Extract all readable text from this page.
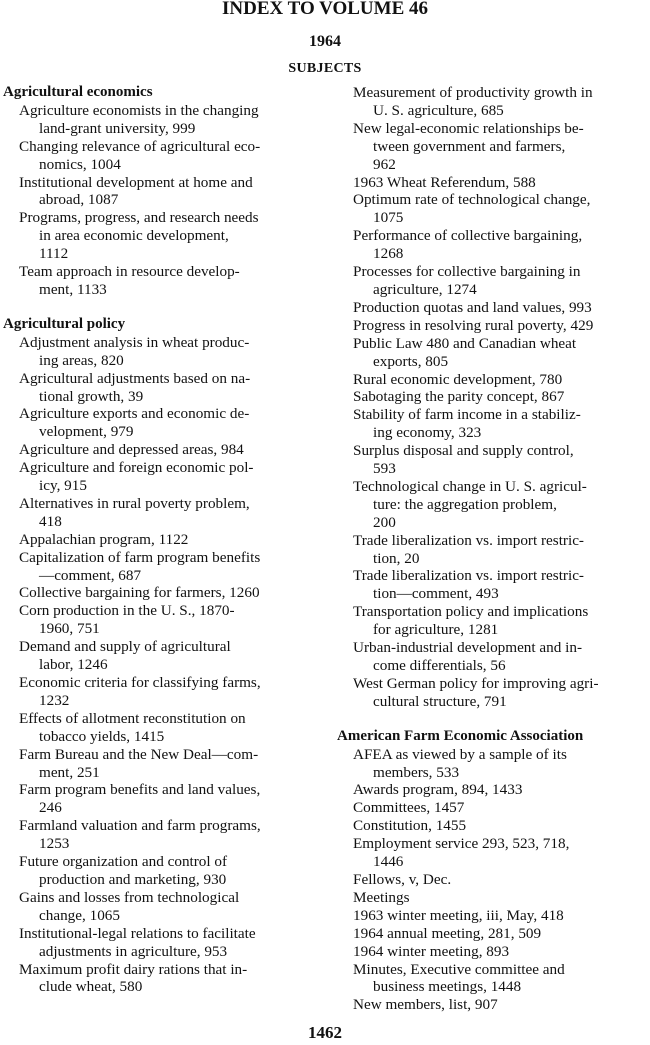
INDEX TO VOLUME 46
1964
SUBJECTS
Agricultural economics
Agriculture economists in the changing
land-grant university, 999
Changing relevance of agricultural eco-
nomics, 1004
Institutional development at home and
abroad, 1087
Programs, progress, and research needs
in area economic development,
1112
Team approach in resource develop-
ment, 1133
Agricultural policy
Adjustment analysis in wheat produc-
ing areas, 820
Agricultural adjustments based on na-
tional growth, 39
Agriculture exports and economic de-
velopment, 979
Agriculture and depressed areas, 984
Agriculture and foreign economic pol-
icy, 915
Alternatives in rural poverty problem,
418
Appalachian program, 1122
Capitalization of farm program benefits
—comment, 687
Collective bargaining for farmers, 1260
Corn production in the U. S., 1870-
1960, 751
Demand and supply of agricultural
labor, 1246
Economic criteria for classifying farms,
1232
Effects of allotment reconstitution on
tobacco yields, 1415
Farm Bureau and the New Deal—com-
ment, 251
Farm program benefits and land values,
246
Farmland valuation and farm programs,
1253
Future organization and control of
production and marketing, 930
Gains and losses from technological
change, 1065
Institutional-legal relations to facilitate
adjustments in agriculture, 953
Maximum profit dairy rations that in-
clude wheat, 580
Measurement of productivity growth in
U. S. agriculture, 685
New legal-economic relationships be-
tween government and farmers,
962
1963 Wheat Referendum, 588
Optimum rate of technological change,
1075
Performance of collective bargaining,
1268
Processes for collective bargaining in
agriculture, 1274
Production quotas and land values, 993
Progress in resolving rural poverty, 429
Public Law 480 and Canadian wheat
exports, 805
Rural economic development, 780
Sabotaging the parity concept, 867
Stability of farm income in a stabiliz-
ing economy, 323
Surplus disposal and supply control,
593
Technological change in U. S. agricul-
ture: the aggregation problem,
200
Trade liberalization vs. import restric-
tion, 20
Trade liberalization vs. import restric-
tion—comment, 493
Transportation policy and implications
for agriculture, 1281
Urban-industrial development and in-
come differentials, 56
West German policy for improving agri-
cultural structure, 791
American Farm Economic Association
AFEA as viewed by a sample of its
members, 533
Awards program, 894, 1433
Committees, 1457
Constitution, 1455
Employment service 293, 523, 718,
1446
Fellows, v, Dec.
Meetings
1963 winter meeting, iii, May, 418
1964 annual meeting, 281, 509
1964 winter meeting, 893
Minutes, Executive committee and
business meetings, 1448
New members, list, 907
1462
